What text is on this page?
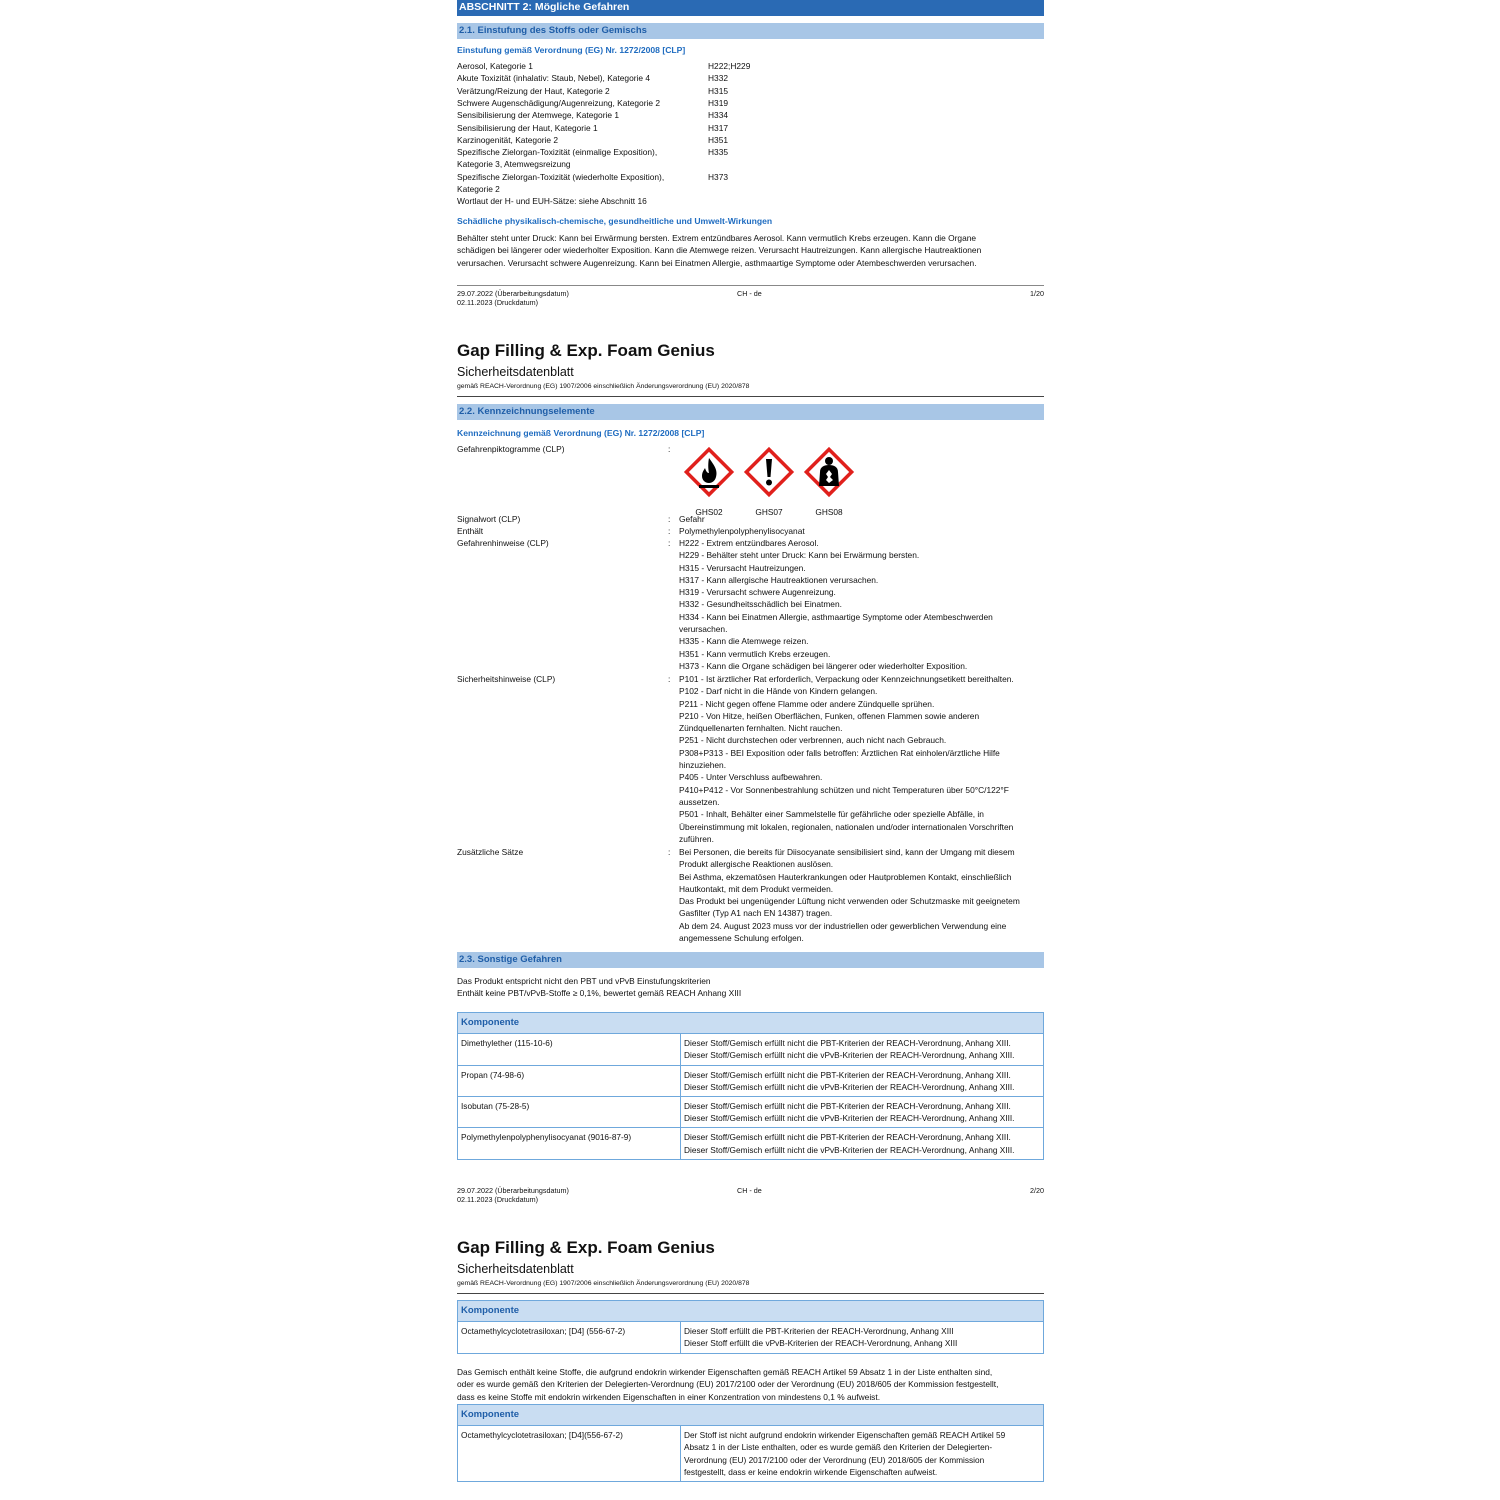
ABSCHNITT 2: Mögliche Gefahren
2.1. Einstufung des Stoffs oder Gemischs
Einstufung gemäß Verordnung (EG) Nr. 1272/2008 [CLP]
Aerosol, Kategorie 1	H222;H229
Akute Toxizität (inhalativ: Staub, Nebel), Kategorie 4	H332
Verätzung/Reizung der Haut, Kategorie 2	H315
Schwere Augenschädigung/Augenreizung, Kategorie 2	H319
Sensibilisierung der Atemwege, Kategorie 1	H334
Sensibilisierung der Haut, Kategorie 1	H317
Karzinogenität, Kategorie 2	H351
Spezifische Zielorgan-Toxizität (einmalige Exposition),	H335
Kategorie 3, Atemwegsreizung
Spezifische Zielorgan-Toxizität (wiederholte Exposition),	H373
Kategorie 2
Wortlaut der H- und EUH-Sätze: siehe Abschnitt 16
Schädliche physikalisch-chemische, gesundheitliche und Umwelt-Wirkungen
Behälter steht unter Druck: Kann bei Erwärmung bersten. Extrem entzündbares Aerosol. Kann vermutlich Krebs erzeugen. Kann die Organe
schädigen bei längerer oder wiederholter Exposition. Kann die Atemwege reizen. Verursacht Hautreizungen. Kann allergische Hautreaktionen
verursachen. Verursacht schwere Augenreizung. Kann bei Einatmen Allergie, asthmaartige Symptome oder Atembeschwerden verursachen.
29.07.2022 (Überarbeitungsdatum)
02.11.2023 (Druckdatum)
CH - de	1/20
Gap Filling & Exp. Foam Genius
Sicherheitsdatenblatt
gemäß REACH-Verordnung (EG) 1907/2006 einschließlich Änderungsverordnung (EU) 2020/878
2.2. Kennzeichnungselemente
Kennzeichnung gemäß Verordnung (EG) Nr. 1272/2008 [CLP]
Gefahrenpiktogramme (CLP)	:
GHS02	GHS07	GHS08
Signalwort (CLP)	: Gefahr
Enthält	: Polymethylenpolyphenylisocyanat
Gefahrenhinweise (CLP)	: H222 - Extrem entzündbares Aerosol.
H229 - Behälter steht unter Druck: Kann bei Erwärmung bersten.
H315 - Verursacht Hautreizungen.
H317 - Kann allergische Hautreaktionen verursachen.
H319 - Verursacht schwere Augenreizung.
H332 - Gesundheitsschädlich bei Einatmen.
H334 - Kann bei Einatmen Allergie, asthmaartige Symptome oder Atembeschwerden
verursachen.
H335 - Kann die Atemwege reizen.
H351 - Kann vermutlich Krebs erzeugen.
H373 - Kann die Organe schädigen bei längerer oder wiederholter Exposition.
Sicherheitshinweise (CLP)	: P101 - Ist ärztlicher Rat erforderlich, Verpackung oder Kennzeichnungsetikett bereithalten.
P102 - Darf nicht in die Hände von Kindern gelangen.
P211 - Nicht gegen offene Flamme oder andere Zündquelle sprühen.
P210 - Von Hitze, heißen Oberflächen, Funken, offenen Flammen sowie anderen
Zündquellenarten fernhalten. Nicht rauchen.
P251 - Nicht durchstechen oder verbrennen, auch nicht nach Gebrauch.
P308+P313 - BEI Exposition oder falls betroffen: Ärztlichen Rat einholen/ärztliche Hilfe
hinzuziehen.
P405 - Unter Verschluss aufbewahren.
P410+P412 - Vor Sonnenbestrahlung schützen und nicht Temperaturen über 50°C/122°F
aussetzen.
P501 - Inhalt, Behälter einer Sammelstelle für gefährliche oder spezielle Abfälle, in
Übereinstimmung mit lokalen, regionalen, nationalen und/oder internationalen Vorschriften
zuführen.
Zusätzliche Sätze	: Bei Personen, die bereits für Diisocyanate sensibilisiert sind, kann der Umgang mit diesem
Produkt allergische Reaktionen auslösen.
Bei Asthma, ekzematösen Hauterkrankungen oder Hautproblemen Kontakt, einschließlich
Hautkontakt, mit dem Produkt vermeiden.
Das Produkt bei ungenügender Lüftung nicht verwenden oder Schutzmaske mit geeignetem
Gasfilter (Typ A1 nach EN 14387) tragen.
Ab dem 24. August 2023 muss vor der industriellen oder gewerblichen Verwendung eine
angemessene Schulung erfolgen.
2.3. Sonstige Gefahren
Das Produkt entspricht nicht den PBT und vPvB Einstufungskriterien
Enthält keine PBT/vPvB-Stoffe ≥ 0,1%, bewertet gemäß REACH Anhang XIII
Komponente	
Dimethylether (115-10-6)	Dieser Stoff/Gemisch erfüllt nicht die PBT-Kriterien der REACH-Verordnung, Anhang XIII.
Dieser Stoff/Gemisch erfüllt nicht die vPvB-Kriterien der REACH-Verordnung, Anhang XIII.

Propan (74-98-6)	Dieser Stoff/Gemisch erfüllt nicht die PBT-Kriterien der REACH-Verordnung, Anhang XIII.
Dieser Stoff/Gemisch erfüllt nicht die vPvB-Kriterien der REACH-Verordnung, Anhang XIII.

Isobutan (75-28-5)	Dieser Stoff/Gemisch erfüllt nicht die PBT-Kriterien der REACH-Verordnung, Anhang XIII.
Dieser Stoff/Gemisch erfüllt nicht die vPvB-Kriterien der REACH-Verordnung, Anhang XIII.

Polymethylenpolyphenylisocyanat (9016-87-9)	Dieser Stoff/Gemisch erfüllt nicht die PBT-Kriterien der REACH-Verordnung, Anhang XIII.
Dieser Stoff/Gemisch erfüllt nicht die vPvB-Kriterien der REACH-Verordnung, Anhang XIII.
29.07.2022 (Überarbeitungsdatum)
02.11.2023 (Druckdatum)
CH - de	2/20
Gap Filling & Exp. Foam Genius
Sicherheitsdatenblatt
gemäß REACH-Verordnung (EG) 1907/2006 einschließlich Änderungsverordnung (EU) 2020/878
Komponente
Octamethylcyclotetrasiloxan; [D4] (556-67-2)	Dieser Stoff erfüllt die PBT-Kriterien der REACH-Verordnung, Anhang XIII
Dieser Stoff erfüllt die vPvB-Kriterien der REACH-Verordnung, Anhang XIII
Das Gemisch enthält keine Stoffe, die aufgrund endokrin wirkender Eigenschaften gemäß REACH Artikel 59 Absatz 1 in der Liste enthalten sind,
oder es wurde gemäß den Kriterien der Delegierten-Verordnung (EU) 2017/2100 oder der Verordnung (EU) 2018/605 der Kommission festgestellt,
dass es keine Stoffe mit endokrin wirkenden Eigenschaften in einer Konzentration von mindestens 0,1 % aufweist.
Komponente
Octamethylcyclotetrasiloxan; [D4](556-67-2)	Der Stoff ist nicht aufgrund endokrin wirkender Eigenschaften gemäß REACH Artikel 59
Absatz 1 in der Liste enthalten, oder es wurde gemäß den Kriterien der Delegierten-
Verordnung (EU) 2017/2100 oder der Verordnung (EU) 2018/605 der Kommission
festgestellt, dass er keine endokrin wirkende Eigenschaften aufweist.
